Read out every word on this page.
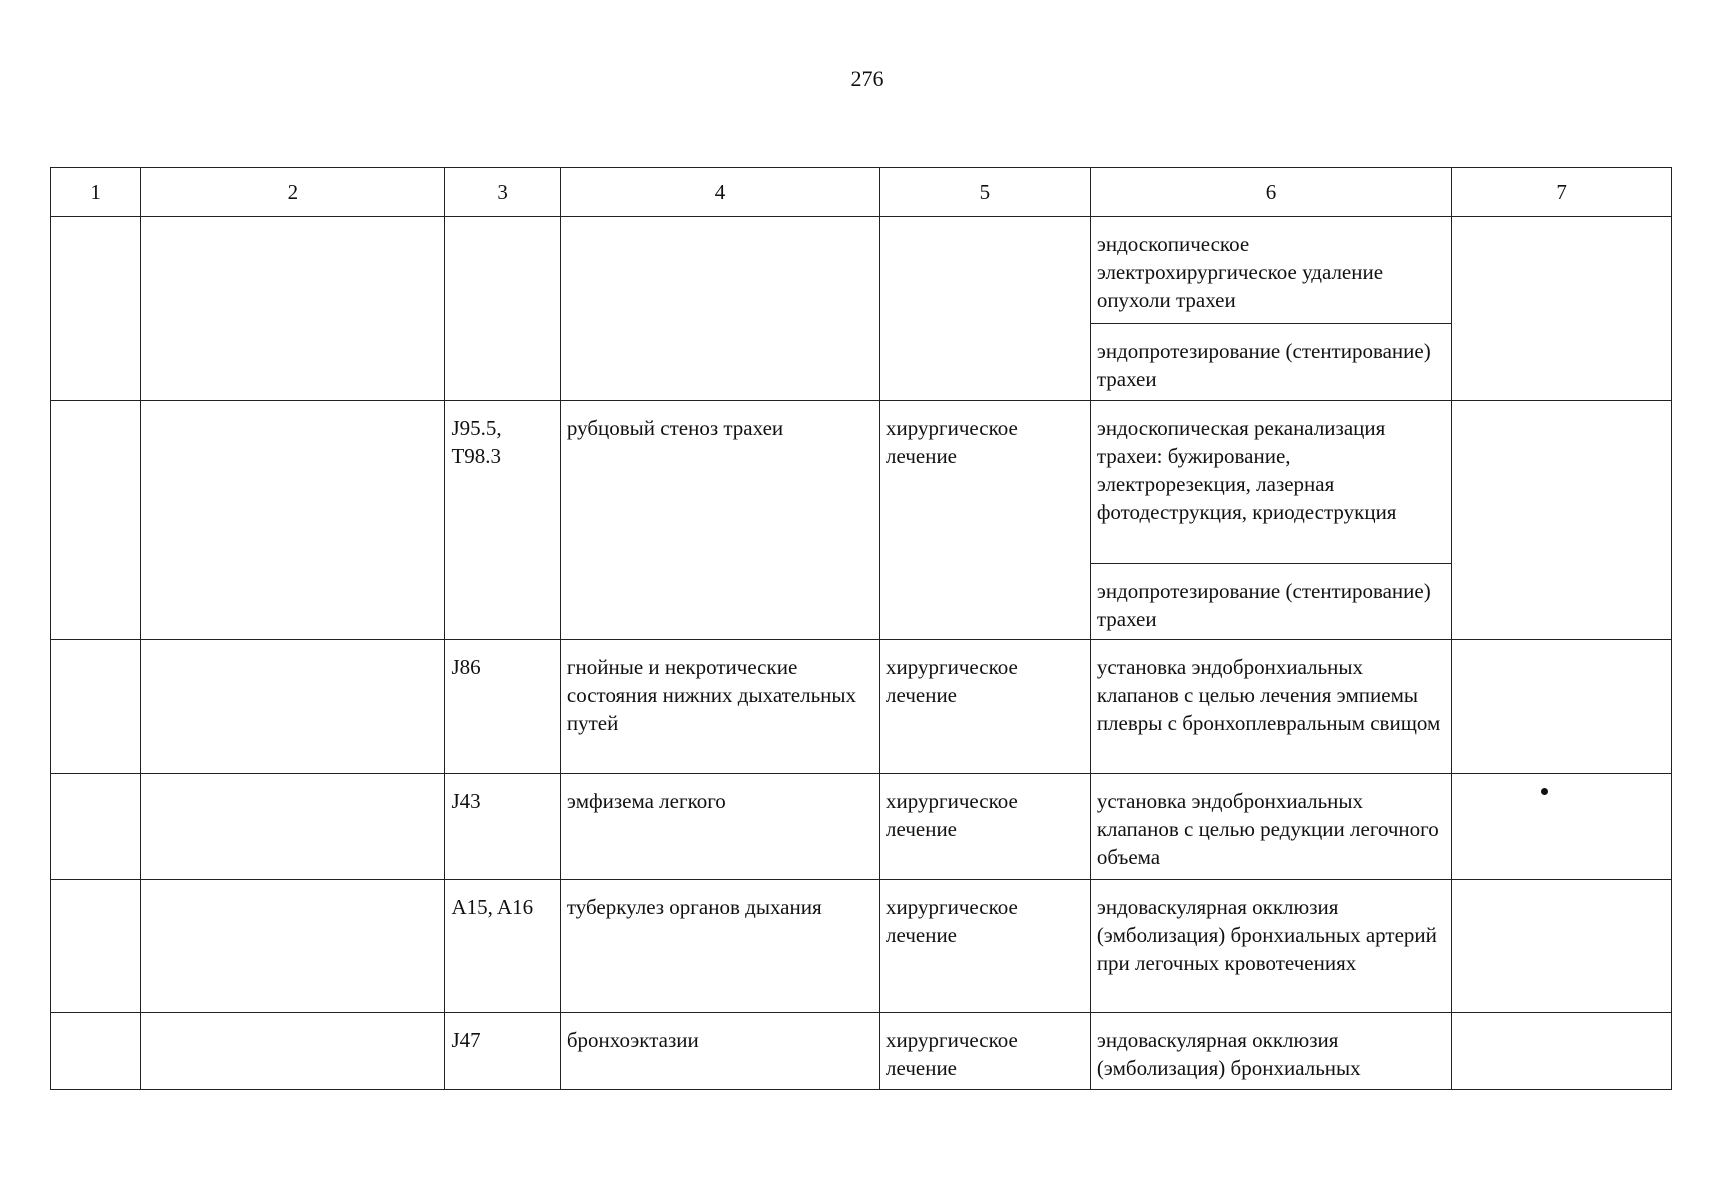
276
1	2	3	4	5	6	7
					эндоскопическое электрохирургическое удаление опухоли трахеи	
					эндопротезирование (стентирование) трахеи	
		J95.5, T98.3	рубцовый стеноз трахеи	хирургическое лечение	эндоскопическая реканализация трахеи: бужирование, электрорезекция, лазерная фотодеструкция, криодеструкция	
					эндопротезирование (стентирование) трахеи	
		J86	гнойные и некротические состояния нижних дыхательных путей	хирургическое лечение	установка эндобронхиальных клапанов с целью лечения эмпиемы плевры с бронхоплевральным свищом	
		J43	эмфизема легкого	хирургическое лечение	установка эндобронхиальных клапанов с целью редукции легочного объема	
		A15, A16	туберкулез органов дыхания	хирургическое лечение	эндоваскулярная окклюзия (эмболизация) бронхиальных артерий при легочных кровотечениях	
		J47	бронхоэктазии	хирургическое лечение	эндоваскулярная окклюзия (эмболизация) бронхиальных	
